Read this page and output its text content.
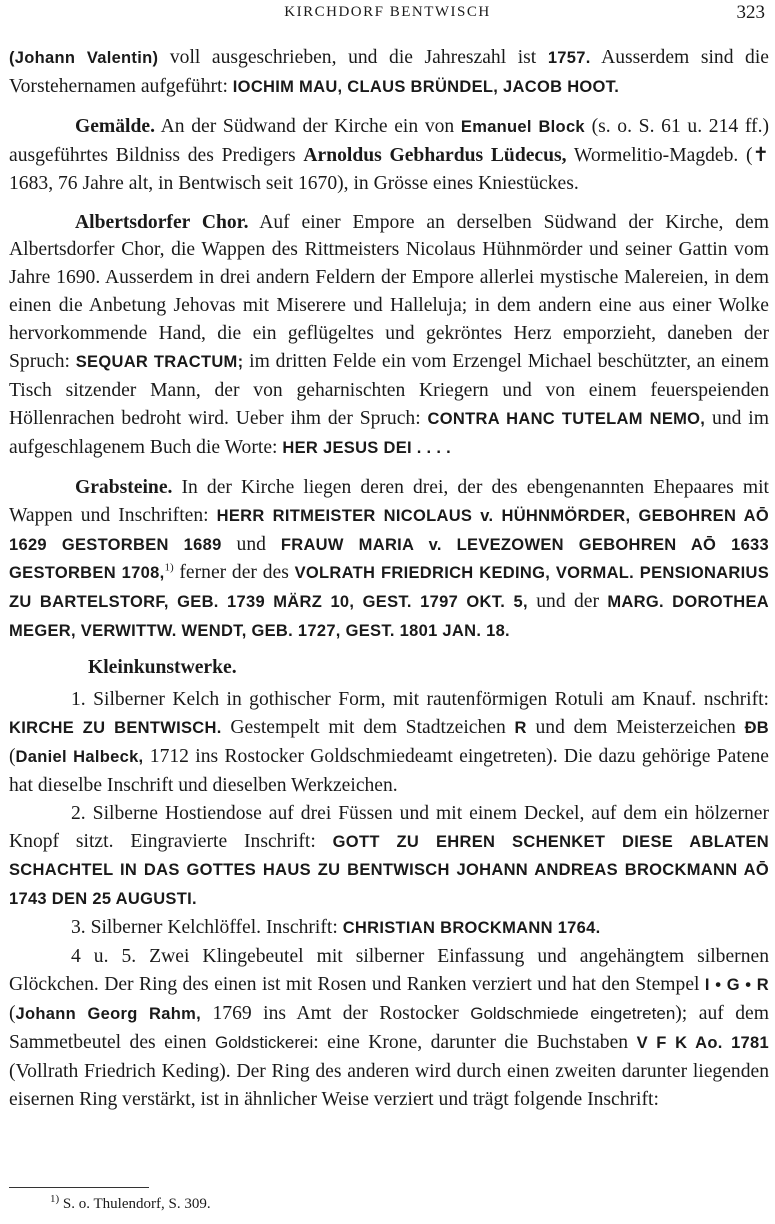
KIRCHDORF BENTWISCH	323

(Johann Valentin) voll ausgeschrieben, und die Jahreszahl ist 1757. Ausserdem sind die Vorstehernamen aufgeführt: IOCHIM MAU, CLAUS BRÜNDEL, JACOB HOOT.

Gemälde. An der Südwand der Kirche ein von Emanuel Block (s. o. S. 61 u. 214 ff.) ausgeführtes Bildniss des Predigers Arnoldus Gebhardus Lüdecus, Wormelitio-Magdeb. (✝ 1683, 76 Jahre alt, in Bentwisch seit 1670), in Grösse eines Kniestückes.

Albertsdorfer Chor. Auf einer Empore an derselben Südwand der Kirche, dem Albertsdorfer Chor, die Wappen des Rittmeisters Nicolaus Hühnmörder und seiner Gattin vom Jahre 1690. Ausserdem in drei andern Feldern der Empore allerlei mystische Malereien, in dem einen die Anbetung Jehovas mit Miserere und Halleluja; in dem andern eine aus einer Wolke hervorkommende Hand, die ein geflügeltes und gekröntes Herz emporzieht, daneben der Spruch: SEQUAR TRACTUM; im dritten Felde ein vom Erzengel Michael beschützter, an einem Tisch sitzender Mann, der von geharnischten Kriegern und von einem feuerspeienden Höllenrachen bedroht wird. Ueber ihm der Spruch: CONTRA HANC TUTELAM NEMO, und im aufgeschlagenem Buch die Worte: HER JESUS DEI . . . .

Grabsteine. In der Kirche liegen deren drei, der des ebengenannten Ehepaares mit Wappen und Inschriften: HERR RITMEISTER NICOLAUS v. HÜHNMÖRDER, GEBOHREN AŌ 1629 GESTORBEN 1689 und FRAUW MARIA v. LEVEZOWEN GEBOHREN AŌ 1633 GESTORBEN 1708,$^{1)}$ ferner der des VOLRATH FRIEDRICH KEDING, VORMAL. PENSIONARIUS ZU BARTELSTORF, GEB. 1739 MÄRZ 10, GEST. 1797 OKT. 5, und der MARG. DOROTHEA MEGER, VERWITTW. WENDT, GEB. 1727, GEST. 1801 JAN. 18.

Kleinkunstwerke.

1. Silberner Kelch in gothischer Form, mit rautenförmigen Rotuli am Knauf. nschrift: KIRCHE ZU BENTWISCH. Gestempelt mit dem Stadtzeichen R und dem Meisterzeichen ĐB (Daniel Halbeck, 1712 ins Rostocker Goldschmiedeamt eingetreten). Die dazu gehörige Patene hat dieselbe Inschrift und dieselben Werkzeichen.

2. Silberne Hostiendose auf drei Füssen und mit einem Deckel, auf dem ein hölzerner Knopf sitzt. Eingravierte Inschrift: GOTT ZU EHREN SCHENKET DIESE ABLATEN SCHACHTEL IN DAS GOTTES HAUS ZU BENTWISCH JOHANN ANDREAS BROCKMANN AŌ 1743 DEN 25 AUGUSTI.

3. Silberner Kelchlöffel. Inschrift: CHRISTIAN BROCKMANN 1764.

4 u. 5. Zwei Klingebeutel mit silberner Einfassung und angehängtem silbernen Glöckchen. Der Ring des einen ist mit Rosen und Ranken verziert und hat den Stempel I • G • R (Johann Georg Rahm, 1769 ins Amt der Rostocker Goldschmiede eingetreten); auf dem Sammetbeutel des einen Goldstickerei: eine Krone, darunter die Buchstaben V F K Ao. 1781 (Vollrath Friedrich Keding). Der Ring des anderen wird durch einen zweiten darunter liegenden eisernen Ring verstärkt, ist in ähnlicher Weise verziert und trägt folgende Inschrift:

$^{1)}$ S. o. Thulendorf, S. 309.
